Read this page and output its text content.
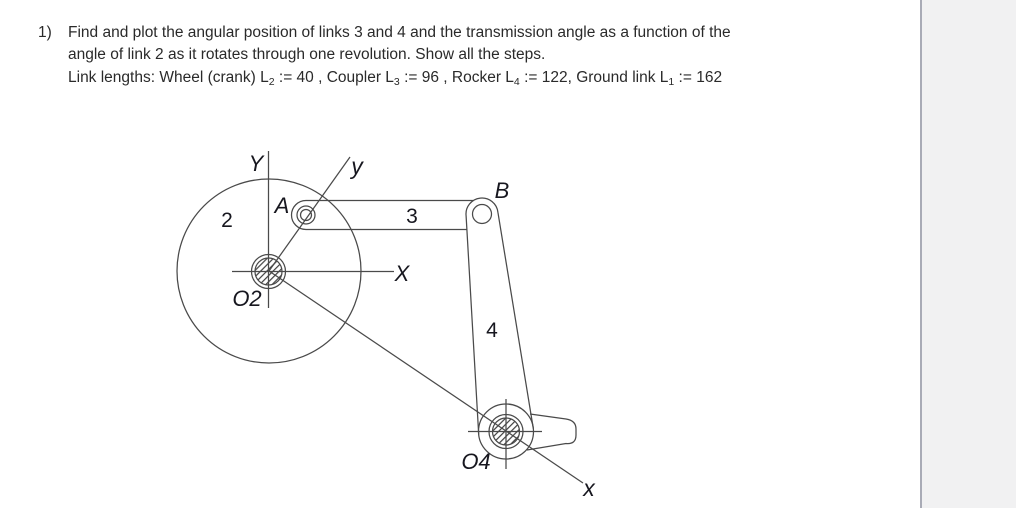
1)	Find and plot the angular position of links 3 and 4 and the transmission angle as a function of the
angle of link 2 as it rotates through one revolution. Show all the steps.
Link lengths: Wheel (crank) $L_2$ := 40 , Coupler $L_3$ := 96 , Rocker $L_4$ := 122, Ground link $L_1$ := 162
Y	y
A
B
2	3
4
X
x
O2
O4
